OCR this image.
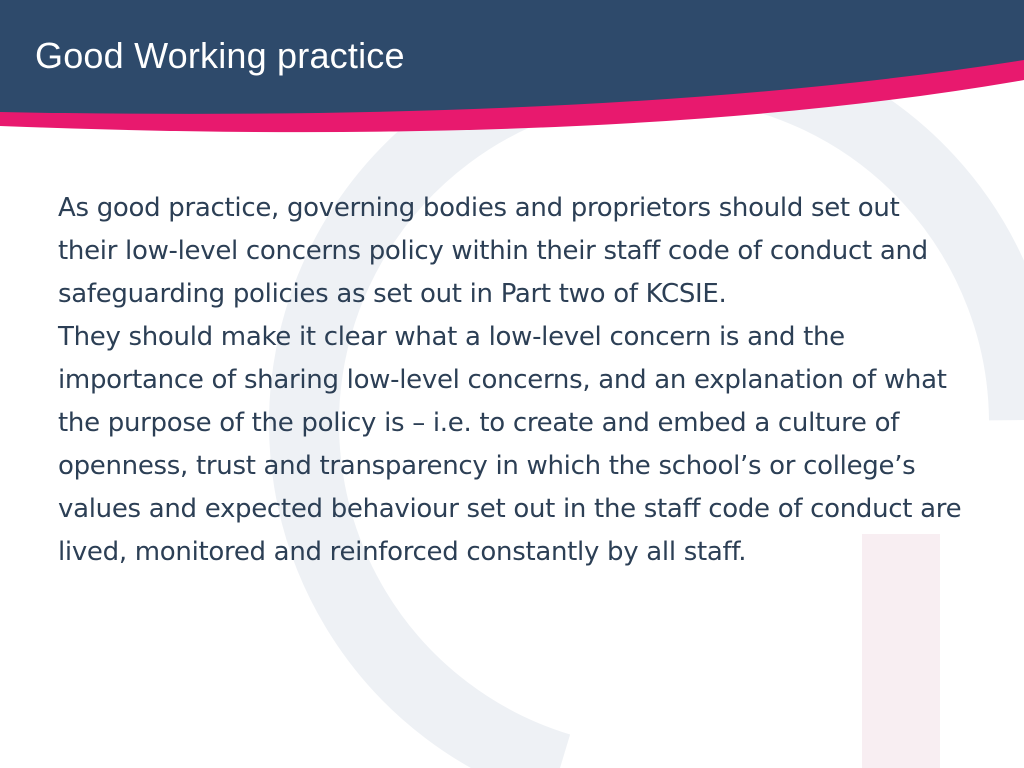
Good Working practice

As good practice, governing bodies and proprietors should set out their low-level concerns policy within their staff code of conduct and safeguarding policies as set out in Part two of KCSIE.

They should make it clear what a low-level concern is and the importance of sharing low-level concerns, and an explanation of what the purpose of the policy is – i.e. to create and embed a culture of openness, trust and transparency in which the school’s or college’s values and expected behaviour set out in the staff code of conduct are lived, monitored and reinforced constantly by all staff.
